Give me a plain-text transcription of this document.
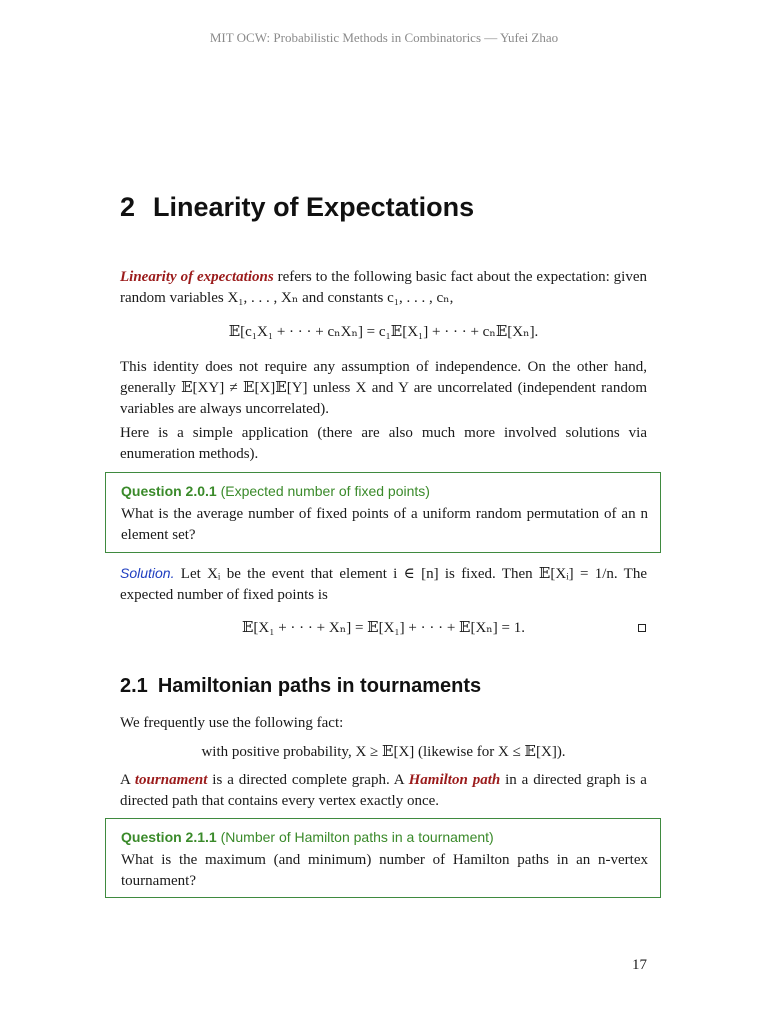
MIT OCW: Probabilistic Methods in Combinatorics — Yufei Zhao
2 Linearity of Expectations
Linearity of expectations refers to the following basic fact about the expectation: given random variables X₁, . . . , Xₙ and constants c₁, . . . , cₙ,
𝔼[c₁X₁ + · · · + cₙXₙ] = c₁𝔼[X₁] + · · · + cₙ𝔼[Xₙ].
This identity does not require any assumption of independence. On the other hand, generally 𝔼[XY] ≠ 𝔼[X]𝔼[Y] unless X and Y are uncorrelated (independent random variables are always uncorrelated).
Here is a simple application (there are also much more involved solutions via enumeration methods).
Question 2.0.1 (Expected number of fixed points)
What is the average number of fixed points of a uniform random permutation of an n element set?
Solution. Let Xᵢ be the event that element i ∈ [n] is fixed. Then 𝔼[Xᵢ] = 1/n. The expected number of fixed points is
𝔼[X₁ + · · · + Xₙ] = 𝔼[X₁] + · · · + 𝔼[Xₙ] = 1.
2.1 Hamiltonian paths in tournaments
We frequently use the following fact:
with positive probability, X ≥ 𝔼[X] (likewise for X ≤ 𝔼[X]).
A tournament is a directed complete graph. A Hamilton path in a directed graph is a directed path that contains every vertex exactly once.
Question 2.1.1 (Number of Hamilton paths in a tournament)
What is the maximum (and minimum) number of Hamilton paths in an n-vertex tournament?
17
